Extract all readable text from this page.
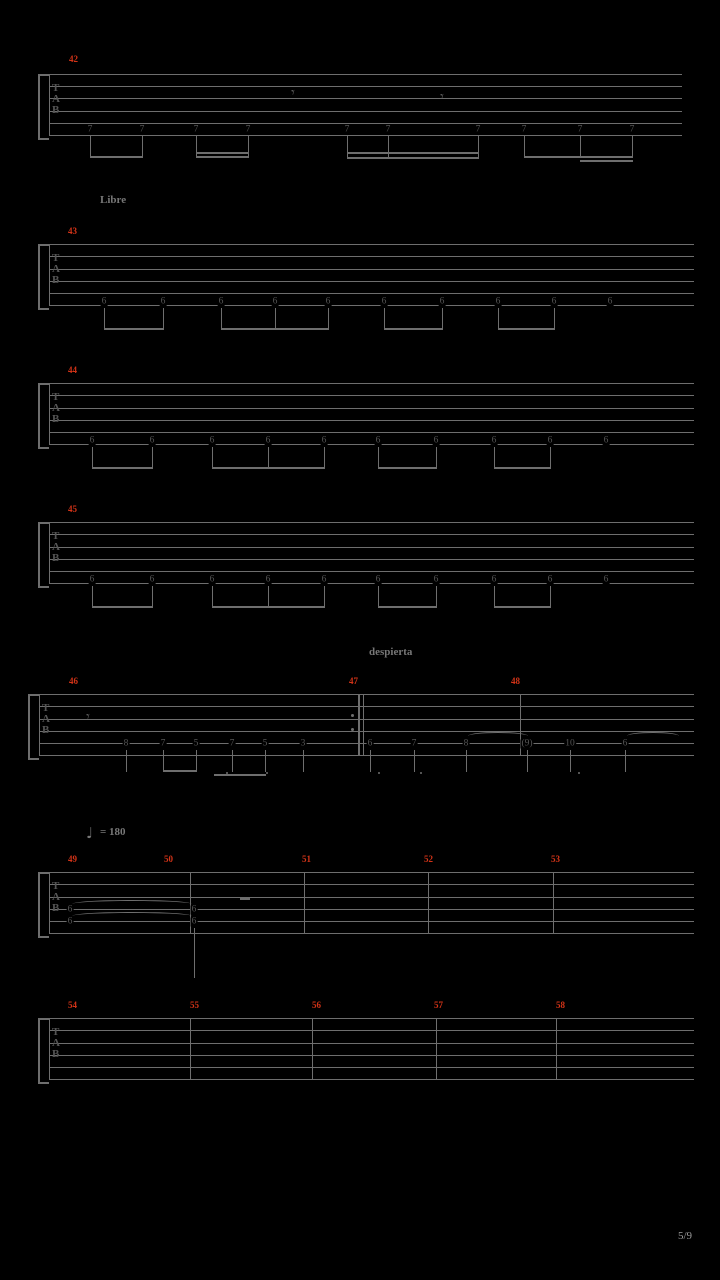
T
A
B
42
7	7	7	7	7	7	7	7	7	7
𝄾	𝄾
Libre
T
A
B
43
6	6	6	6	6	6	6	6	6	6
T
A
B
44
6	6	6	6	6	6	6	6	6	6
T
A
B
45
6	6	6	6	6	6	6	6	6	6
despierta
T
A
B
46	47	48
𝄾
8	7	5	7	5	3	6	7	8	(9)	10	6
♩ = 180
T
A
B
49	50	51	52	53
6
6
6
6
T
A
B
54	55	56	57	58
5/9
